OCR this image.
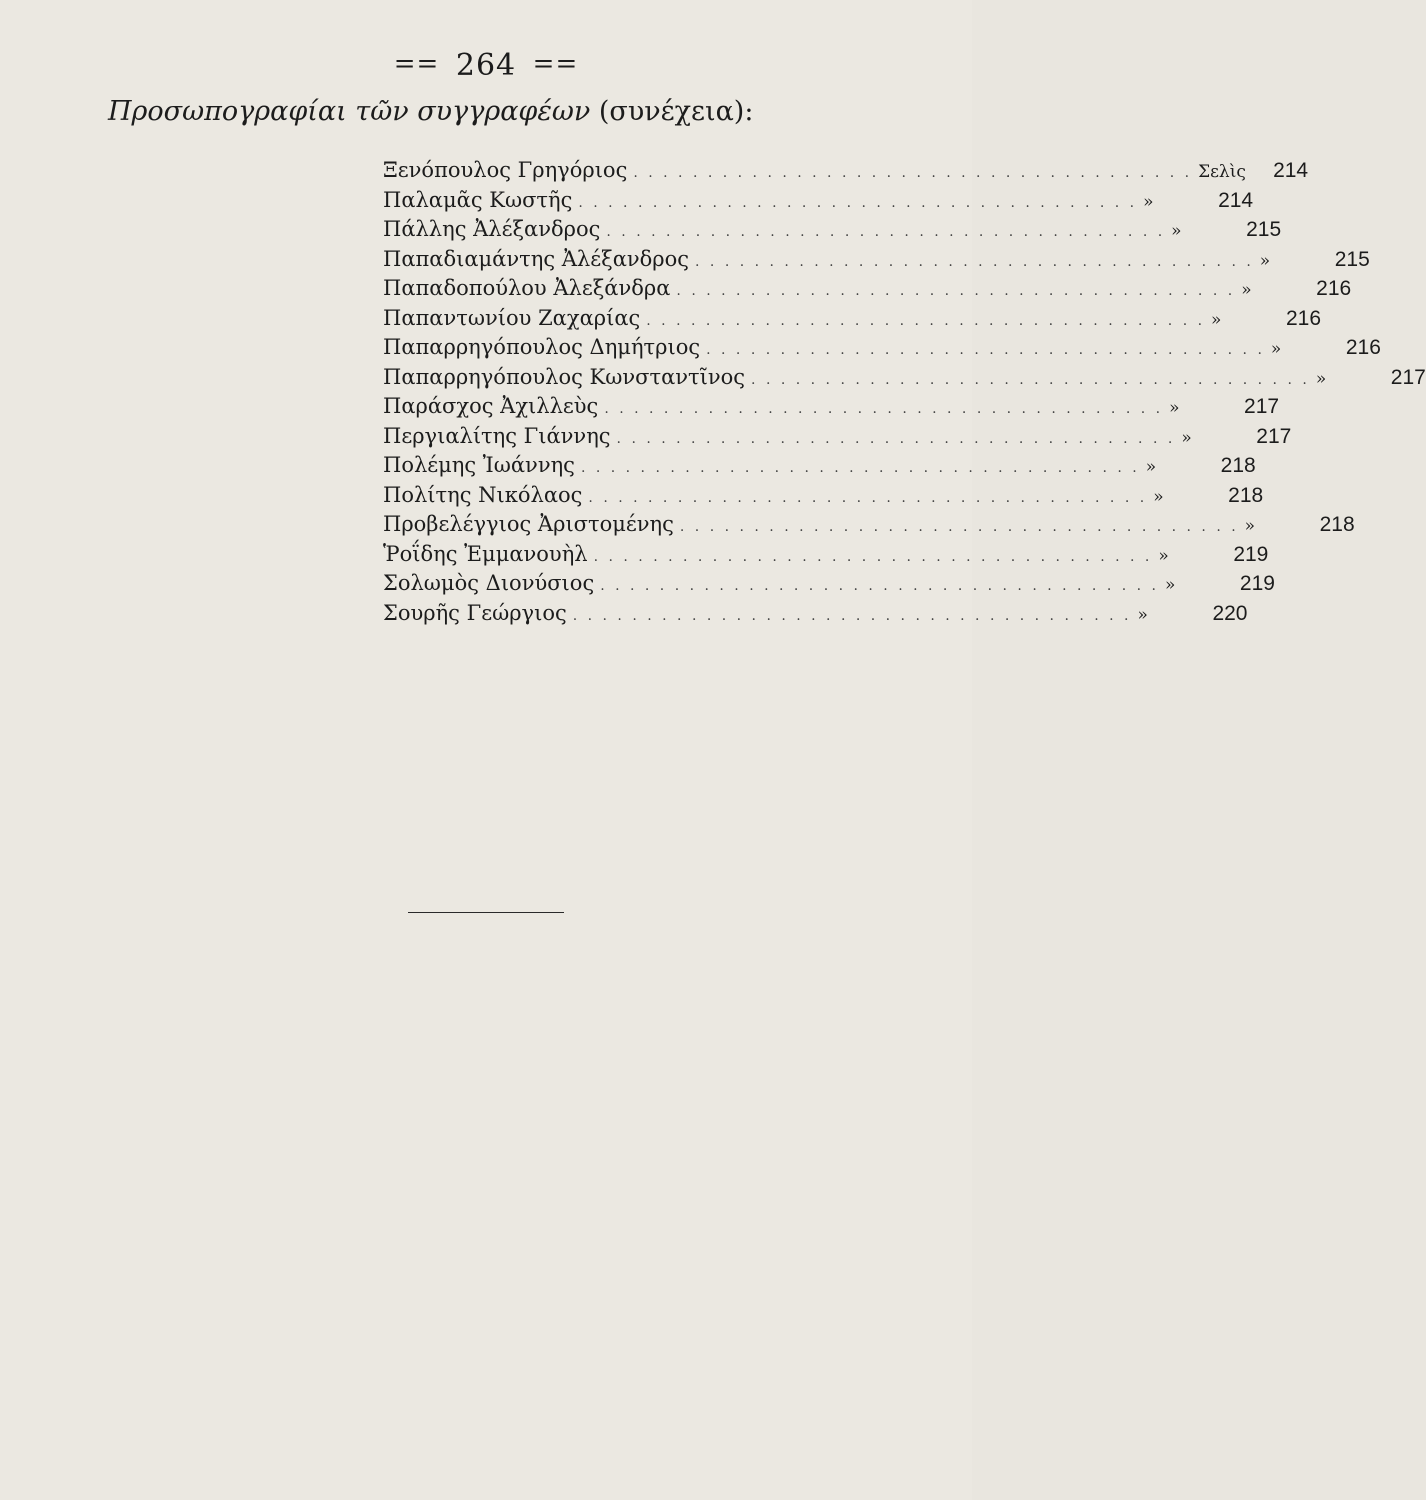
== 264 ==
Προσωπογραφίαι τῶν συγγραφέων (συνέχεια):
Ξενόπουλος Γρηγόριος . . . . . . . . . . . . . . . . . . . . . . . . . . . . . . . . . . . . . . Σελὶς	214
Παλαμᾶς Κωστῆς . . . . . . . . . . . . . . . . . . . . . . . . . . . . . . . . . . . . . . »	214
Πάλλης Ἀλέξανδρος . . . . . . . . . . . . . . . . . . . . . . . . . . . . . . . . . . . . . . »	215
Παπαδιαμάντης Ἀλέξανδρος . . . . . . . . . . . . . . . . . . . . . . . . . . . . . . . . . . . . . . »	215
Παπαδοπούλου Ἀλεξάνδρα . . . . . . . . . . . . . . . . . . . . . . . . . . . . . . . . . . . . . . »	216
Παπαντωνίου Ζαχαρίας . . . . . . . . . . . . . . . . . . . . . . . . . . . . . . . . . . . . . . »	216
Παπαρρηγόπουλος Δημήτριος . . . . . . . . . . . . . . . . . . . . . . . . . . . . . . . . . . . . . . »	216
Παπαρρηγόπουλος Κωνσταντῖνος . . . . . . . . . . . . . . . . . . . . . . . . . . . . . . . . . . . . . . »	217
Παράσχος Ἀχιλλεὺς . . . . . . . . . . . . . . . . . . . . . . . . . . . . . . . . . . . . . . »	217
Περγιαλίτης Γιάννης . . . . . . . . . . . . . . . . . . . . . . . . . . . . . . . . . . . . . . »	217
Πολέμης Ἰωάννης . . . . . . . . . . . . . . . . . . . . . . . . . . . . . . . . . . . . . . »	218
Πολίτης Νικόλαος . . . . . . . . . . . . . . . . . . . . . . . . . . . . . . . . . . . . . . »	218
Προβελέγγιος Ἀριστομένης . . . . . . . . . . . . . . . . . . . . . . . . . . . . . . . . . . . . . . »	218
Ῥοΐδης Ἐμμανουὴλ . . . . . . . . . . . . . . . . . . . . . . . . . . . . . . . . . . . . . . »	219
Σολωμὸς Διονύσιος . . . . . . . . . . . . . . . . . . . . . . . . . . . . . . . . . . . . . . »	219
Σουρῆς Γεώργιος . . . . . . . . . . . . . . . . . . . . . . . . . . . . . . . . . . . . . . »	220
